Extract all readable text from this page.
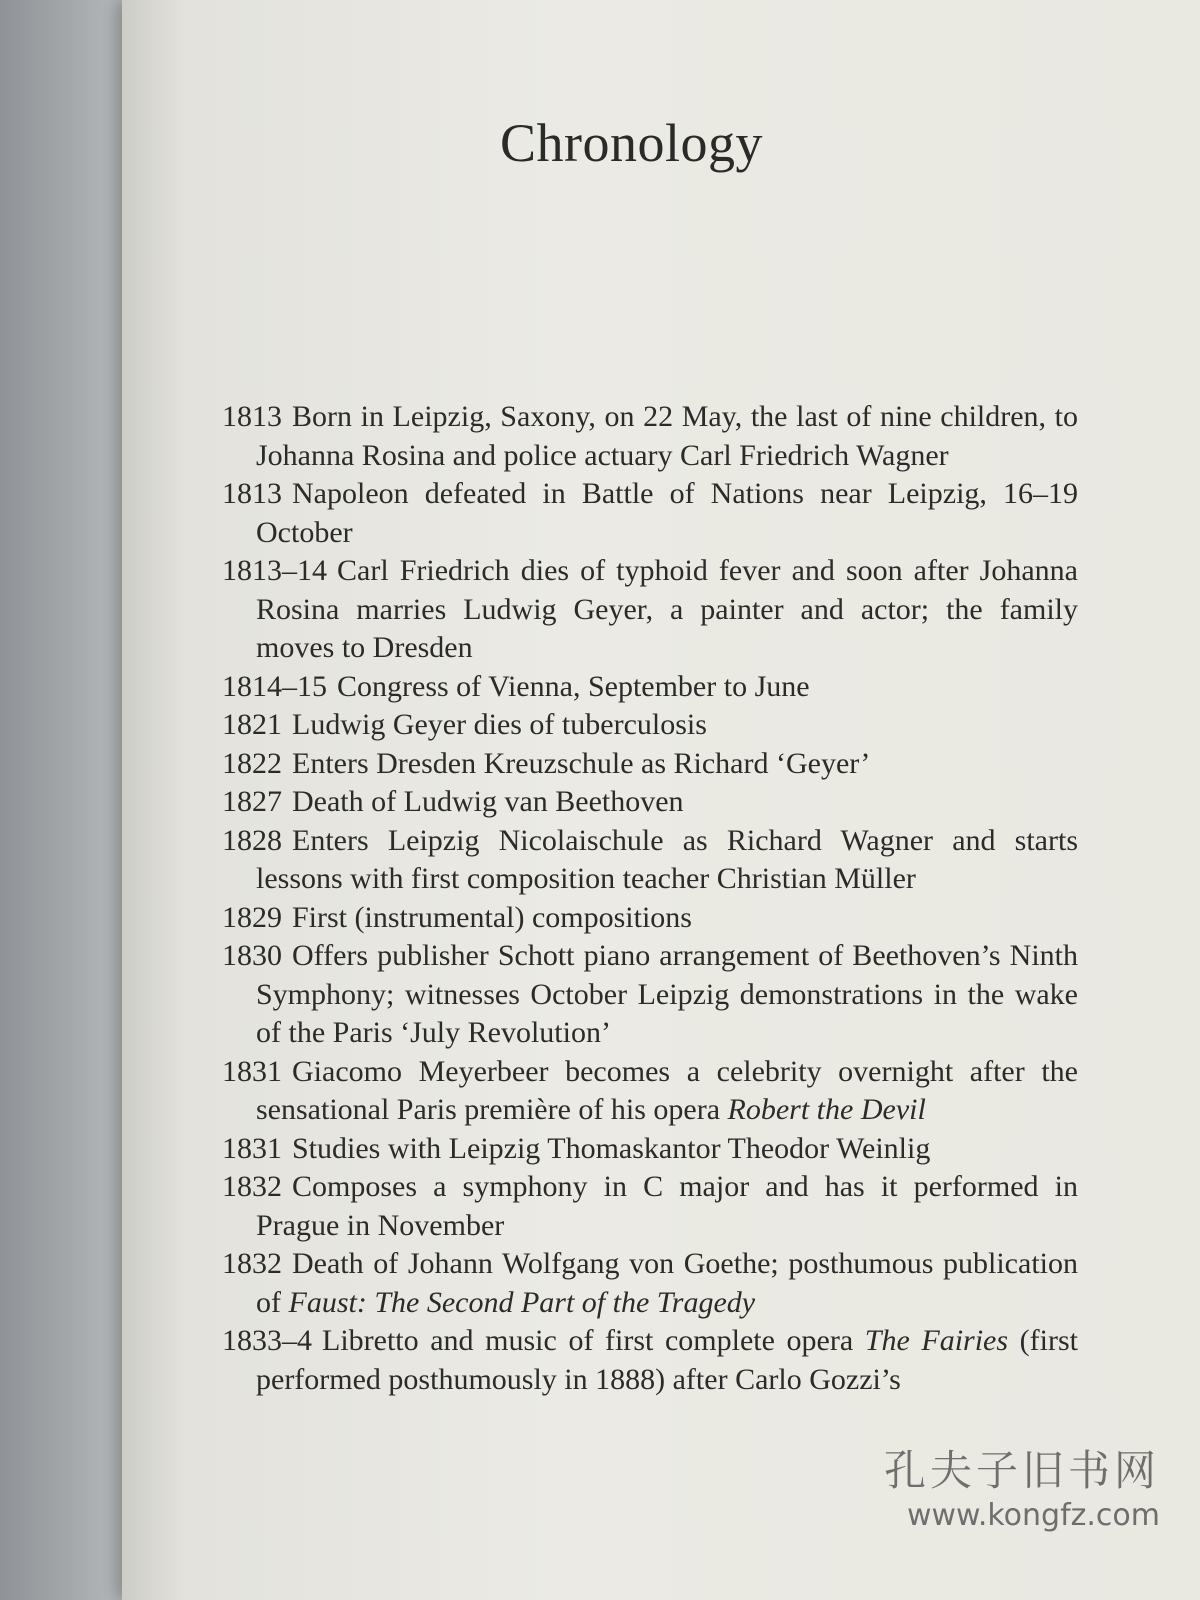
Chronology
1813 Born in Leipzig, Saxony, on 22 May, the last of nine children, to Johanna Rosina and police actuary Carl Friedrich Wagner
1813 Napoleon defeated in Battle of Nations near Leipzig, 16–19 October
1813–14 Carl Friedrich dies of typhoid fever and soon after Johanna Rosina marries Ludwig Geyer, a painter and actor; the family moves to Dresden
1814–15 Congress of Vienna, September to June
1821 Ludwig Geyer dies of tuberculosis
1822 Enters Dresden Kreuzschule as Richard ‘Geyer’
1827 Death of Ludwig van Beethoven
1828 Enters Leipzig Nicolaischule as Richard Wagner and starts lessons with first composition teacher Christian Müller
1829 First (instrumental) compositions
1830 Offers publisher Schott piano arrangement of Beethoven’s Ninth Symphony; witnesses October Leipzig demonstrations in the wake of the Paris ‘July Revolution’
1831 Giacomo Meyerbeer becomes a celebrity overnight after the sensational Paris première of his opera Robert the Devil
1831 Studies with Leipzig Thomaskantor Theodor Weinlig
1832 Composes a symphony in C major and has it performed in Prague in November
1832 Death of Johann Wolfgang von Goethe; posthumous publication of Faust: The Second Part of the Tragedy
1833–4 Libretto and music of first complete opera The Fairies (first performed posthumously in 1888) after Carlo Gozzi’s
孔夫子旧书网
www.kongfz.com
